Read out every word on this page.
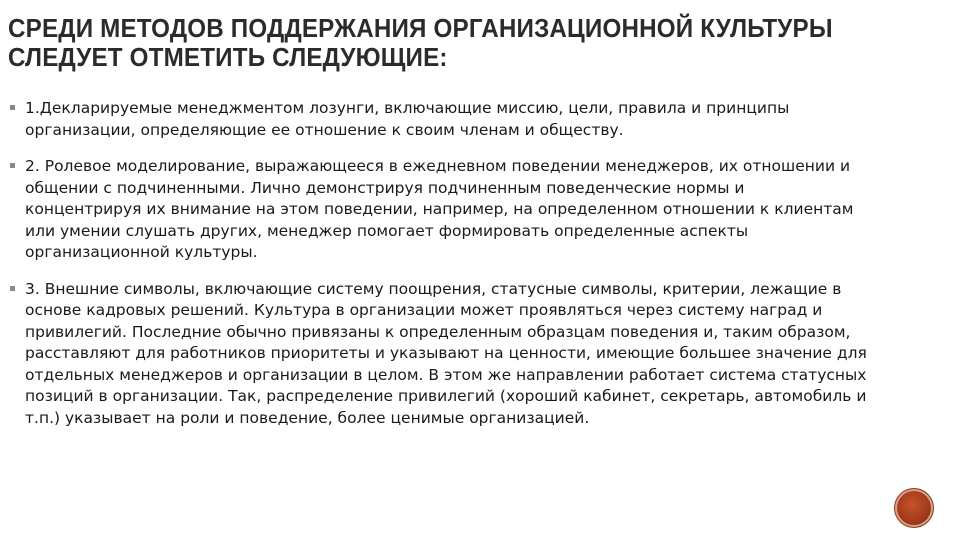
СРЕДИ МЕТОДОВ ПОДДЕРЖАНИЯ ОРГАНИЗАЦИОННОЙ КУЛЬТУРЫ
СЛЕДУЕТ ОТМЕТИТЬ СЛЕДУЮЩИЕ:
1.Декларируемые менеджментом лозунги, включающие миссию, цели, правила и принципы
организации, определяющие ее отношение к своим членам и обществу.
2. Ролевое моделирование, выражающееся в ежедневном поведении менеджеров, их отношении и
общении с подчиненными. Лично демонстрируя подчиненным поведенческие нормы и
концентрируя их внимание на этом поведении, например, на определенном отношении к клиентам
или умении слушать других, менеджер помогает формировать определенные аспекты
организационной культуры.
3. Внешние символы, включающие систему поощрения, статусные символы, критерии, лежащие в
основе кадровых решений. Культура в организации может проявляться через систему наград и
привилегий. Последние обычно привязаны к определенным образцам поведения и, таким образом,
расставляют для работников приоритеты и указывают на ценности, имеющие большее значение для
отдельных менеджеров и организации в целом. В этом же направлении работает система статусных
позиций в организации. Так, распределение привилегий (хороший кабинет, секретарь, автомобиль и
т.п.) указывает на роли и поведение, более ценимые организацией.
